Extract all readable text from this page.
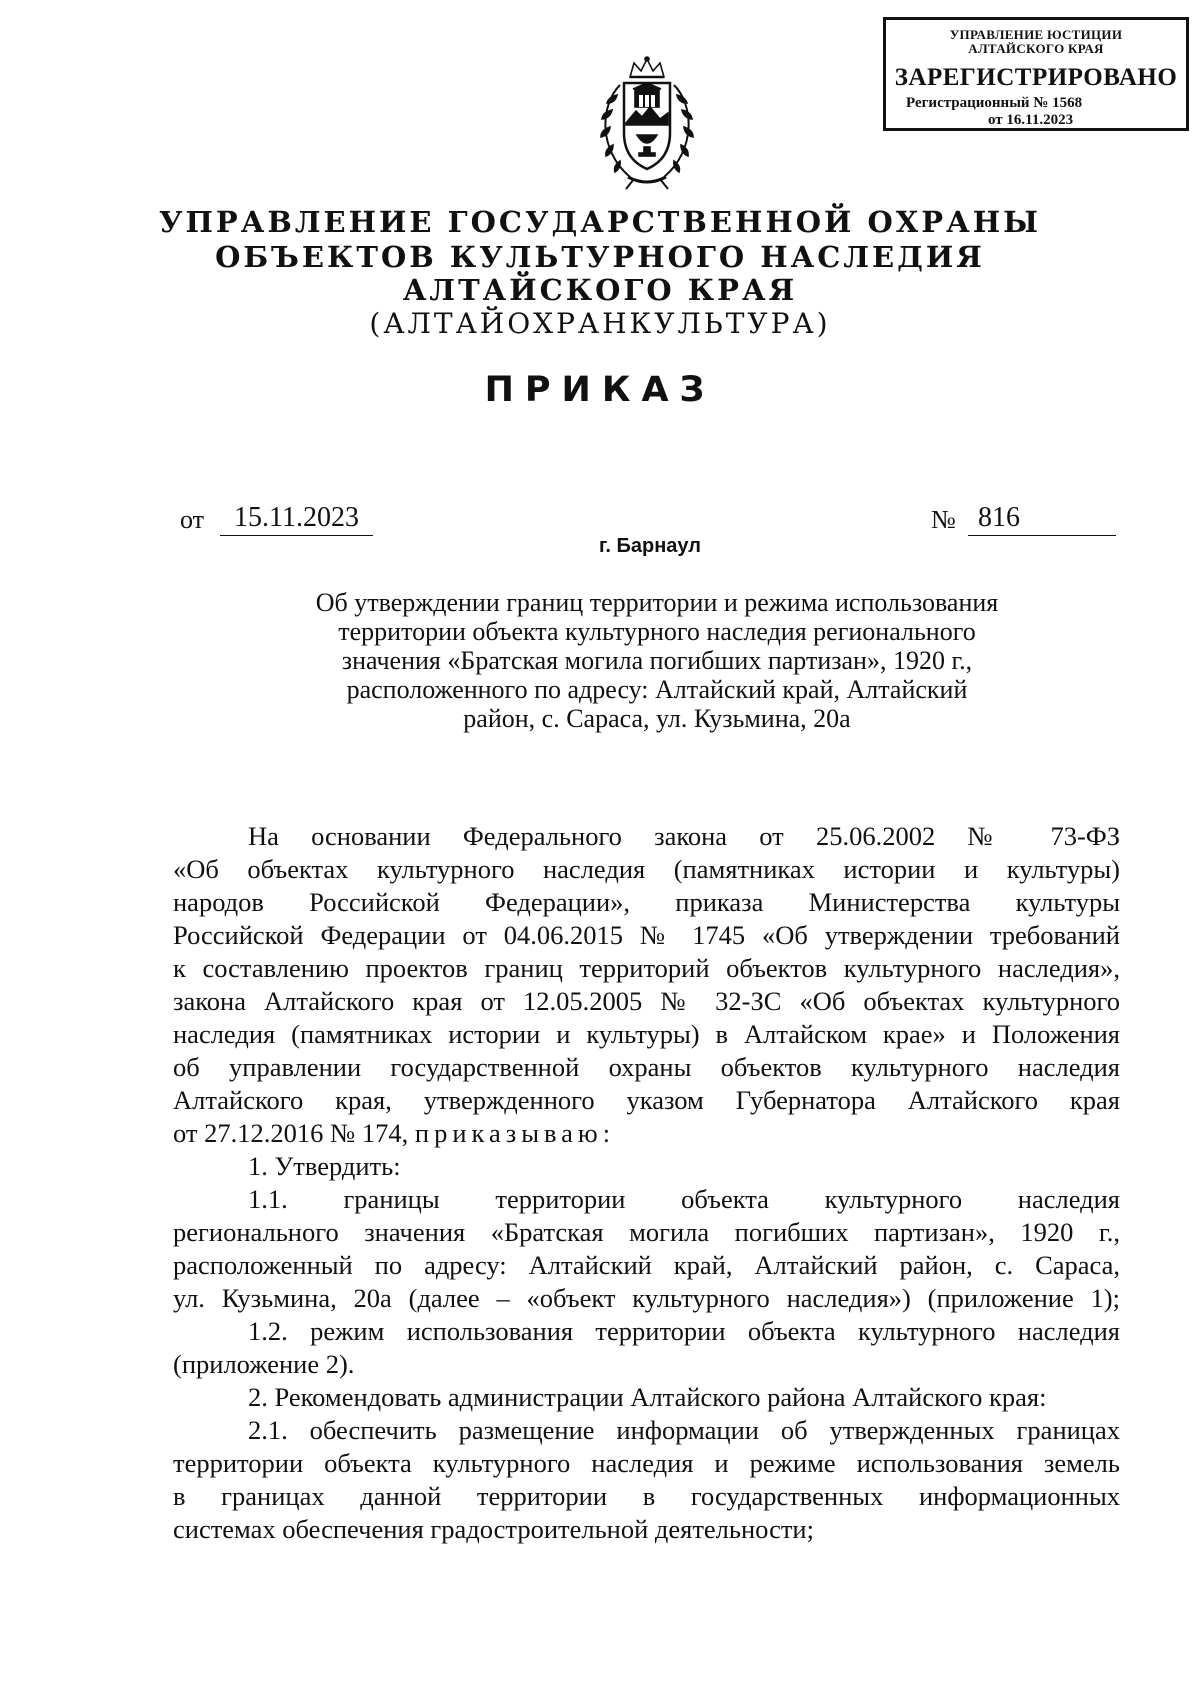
УПРАВЛЕНИЕ ЮСТИЦИИ
АЛТАЙСКОГО КРАЯ
ЗАРЕГИСТРИРОВАНО
Регистрационный № 1568
от 16.11.2023
УПРАВЛЕНИЕ ГОСУДАРСТВЕННОЙ ОХРАНЫ
ОБЪЕКТОВ КУЛЬТУРНОГО НАСЛЕДИЯ
АЛТАЙСКОГО КРАЯ
(АЛТАЙОХРАНКУЛЬТУРА)
ПРИКАЗ
от	15.11.2023	№ 816
г. Барнаул
Об утверждении границ территории и режима использования
территории объекта культурного наследия регионального
значения «Братская могила погибших партизан», 1920 г.,
расположенного по адресу: Алтайский край, Алтайский
район, с. Сараса, ул. Кузьмина, 20а
На основании Федерального закона от 25.06.2002 № 73-ФЗ
«Об объектах культурного наследия (памятниках истории и культуры)
народов Российской Федерации», приказа Министерства культуры
Российской Федерации от 04.06.2015 № 1745 «Об утверждении требований
к составлению проектов границ территорий объектов культурного наследия»,
закона Алтайского края от 12.05.2005 № 32-ЗС «Об объектах культурного
наследия (памятниках истории и культуры) в Алтайском крае» и Положения
об управлении государственной охраны объектов культурного наследия
Алтайского края, утвержденного указом Губернатора Алтайского края
от 27.12.2016 № 174, приказываю:
1. Утвердить:
1.1. границы территории объекта культурного наследия
регионального значения «Братская могила погибших партизан», 1920 г.,
расположенный по адресу: Алтайский край, Алтайский район, с. Сараса,
ул. Кузьмина, 20а (далее – «объект культурного наследия») (приложение 1);
1.2. режим использования территории объекта культурного наследия
(приложение 2).
2. Рекомендовать администрации Алтайского района Алтайского края:
2.1. обеспечить размещение информации об утвержденных границах
территории объекта культурного наследия и режиме использования земель
в границах данной территории в государственных информационных
системах обеспечения градостроительной деятельности;
